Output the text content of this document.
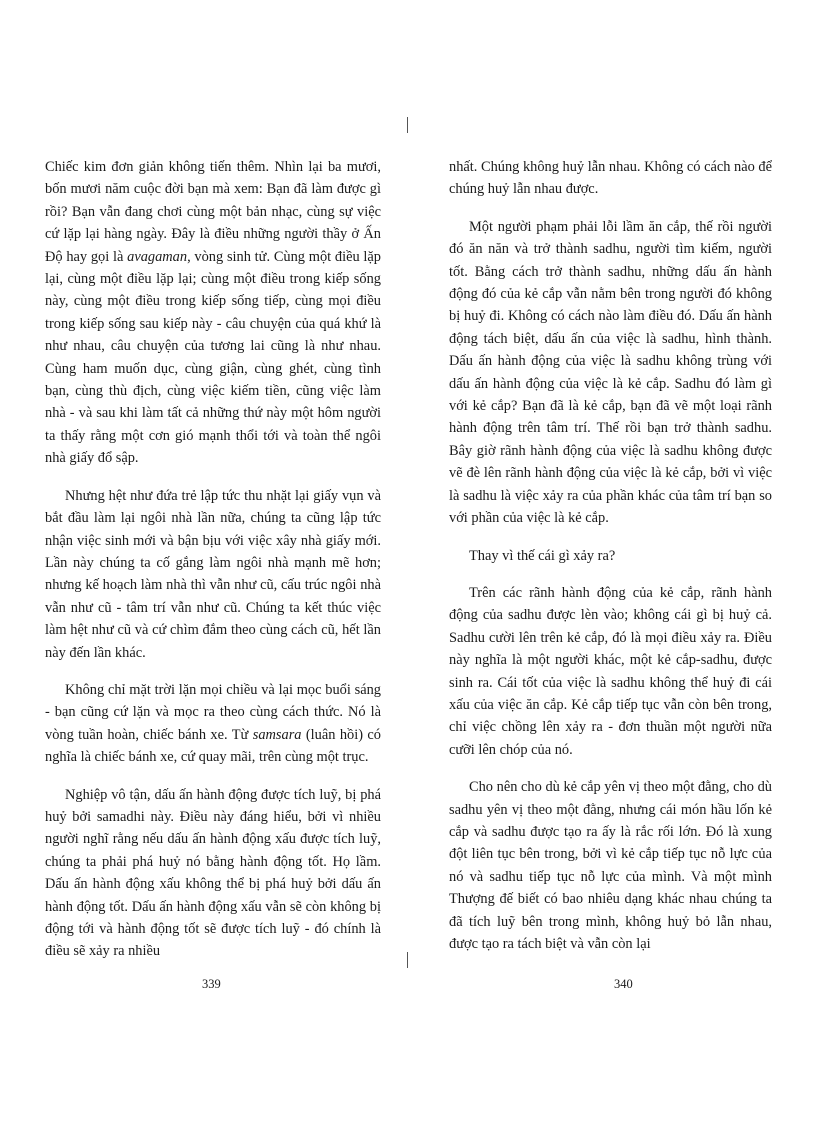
Chiếc kim đơn giản không tiến thêm. Nhìn lại ba mươi, bốn mươi năm cuộc đời bạn mà xem: Bạn đã làm được gì rồi? Bạn vẫn đang chơi cùng một bản nhạc, cùng sự việc cứ lặp lại hàng ngày. Đây là điều những người thầy ở Ấn Độ hay gọi là avagaman, vòng sinh tử. Cùng một điều lặp lại, cùng một điều lặp lại; cùng một điều trong kiếp sống này, cùng một điều trong kiếp sống tiếp, cùng mọi điều trong kiếp sống sau kiếp này - câu chuyện của quá khứ là như nhau, câu chuyện của tương lai cũng là như nhau. Cùng ham muốn dục, cùng giận, cùng ghét, cùng tình bạn, cùng thù địch, cùng việc kiếm tiền, cũng việc làm nhà - và sau khi làm tất cả những thứ này một hôm người ta thấy rằng một cơn gió mạnh thổi tới và toàn thể ngôi nhà giấy đổ sập.

Nhưng hệt như đứa trẻ lập tức thu nhặt lại giấy vụn và bắt đầu làm lại ngôi nhà lần nữa, chúng ta cũng lập tức nhận việc sinh mới và bận bịu với việc xây nhà giấy mới. Lần này chúng ta cố gắng làm ngôi nhà mạnh mẽ hơn; nhưng kế hoạch làm nhà thì vẫn như cũ, cấu trúc ngôi nhà vẫn như cũ - tâm trí vẫn như cũ. Chúng ta kết thúc việc làm hệt như cũ và cứ chìm đắm theo cùng cách cũ, hết lần này đến lần khác.

Không chỉ mặt trời lặn mọi chiều và lại mọc buổi sáng - bạn cũng cứ lặn và mọc ra theo cùng cách thức. Nó là vòng tuần hoàn, chiếc bánh xe. Từ samsara (luân hồi) có nghĩa là chiếc bánh xe, cứ quay mãi, trên cùng một trục.

Nghiệp vô tận, dấu ấn hành động được tích luỹ, bị phá huỷ bởi samadhi này. Điều này đáng hiểu, bởi vì nhiều người nghĩ rằng nếu dấu ấn hành động xấu được tích luỹ, chúng ta phải phá huỷ nó bằng hành động tốt. Họ lầm. Dấu ấn hành động xấu không thể bị phá huỷ bởi dấu ấn hành động tốt. Dấu ấn hành động xấu vẫn sẽ còn không bị động tới và hành động tốt sẽ được tích luỹ - đó chính là điều sẽ xảy ra nhiều

nhất. Chúng không huỷ lẫn nhau. Không có cách nào để chúng huỷ lẫn nhau được.

Một người phạm phải lỗi lầm ăn cắp, thế rồi người đó ăn năn và trở thành sadhu, người tìm kiếm, người tốt. Bằng cách trở thành sadhu, những dấu ấn hành động đó của kẻ cắp vẫn nằm bên trong người đó không bị huỷ đi. Không có cách nào làm điều đó. Dấu ấn hành động tách biệt, dấu ấn của việc là sadhu, hình thành. Dấu ấn hành động của việc là sadhu không trùng với dấu ấn hành động của việc là kẻ cắp. Sadhu đó làm gì với kẻ cắp? Bạn đã là kẻ cắp, bạn đã vẽ một loại rãnh hành động trên tâm trí. Thế rồi bạn trở thành sadhu. Bây giờ rãnh hành động của việc là sadhu không được vẽ đè lên rãnh hành động của việc là kẻ cắp, bởi vì việc là sadhu là việc xảy ra của phần khác của tâm trí bạn so với phần của việc là kẻ cắp.

Thay vì thế cái gì xảy ra?

Trên các rãnh hành động của kẻ cắp, rãnh hành động của sadhu được lèn vào; không cái gì bị huỷ cả. Sadhu cười lên trên kẻ cắp, đó là mọi điều xảy ra. Điều này nghĩa là một người khác, một kẻ cắp-sadhu, được sinh ra. Cái tốt của việc là sadhu không thể huỷ đi cái xấu của việc ăn cắp. Kẻ cắp tiếp tục vẫn còn bên trong, chỉ việc chồng lên xảy ra - đơn thuần một người nữa cưỡi lên chóp của nó.

Cho nên cho dù kẻ cắp yên vị theo một đằng, cho dù sadhu yên vị theo một đằng, nhưng cái món hầu lốn kẻ cắp và sadhu được tạo ra ấy là rắc rối lớn. Đó là xung đột liên tục bên trong, bởi vì kẻ cắp tiếp tục nỗ lực của nó và sadhu tiếp tục nỗ lực của mình. Và một mình Thượng đế biết có bao nhiêu dạng khác nhau chúng ta đã tích luỹ bên trong mình, không huỷ bỏ lẫn nhau, được tạo ra tách biệt và vẫn còn lại

339	340
